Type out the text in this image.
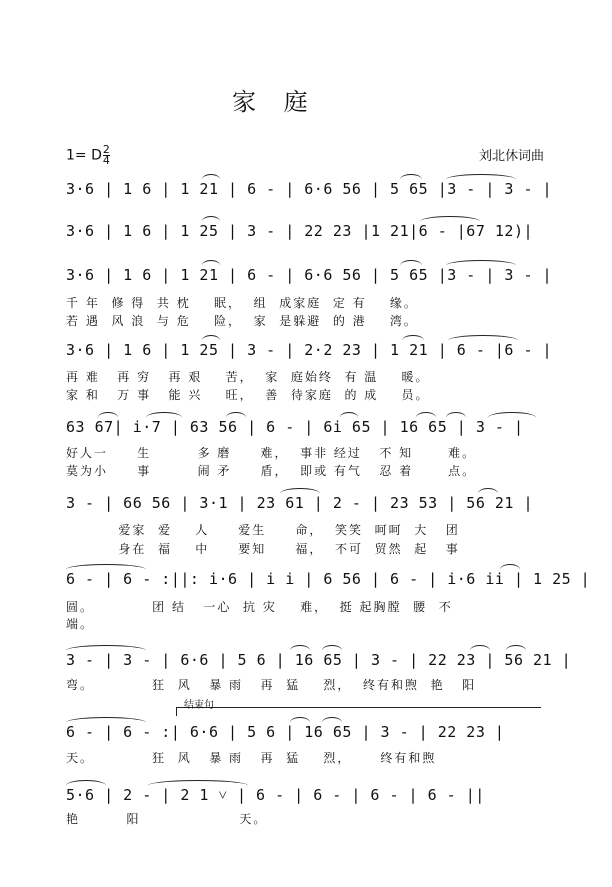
家 庭
$1= D\frac{2}{4}$	刘北休词曲
3·6 | 1 6 | 1 21 | 6 - | 6·6 56 | 5 65 |3 - | 3 - |
3·6 | 1 6 | 1 25 | 3 - | 22 23 |1 21|6 - |67 12)|
3·6 | 1 6 | 1 21 | 6 - | 6·6 56 | 5 65 |3 - | 3 - |
3·6 | 1 6 | 1 25 | 3 - | 2·2 23 | 1 21 | 6 - |6 - |
63 67| i·7 | 63 56 | 6 - | 6i 65 | 16 65 | 3 - |
3 - | 66 56 | 3·1 | 23 61 | 2 - | 23 53 | 56 21 |
6 - | 6 - :||: i·6 | i i | 6 56 | 6 - | i·6 ii | 1 25 |
3 - | 3 - | 6·6 | 5 6 | 16 65 | 3 - | 22 23 | 56 21 |
6 - | 6 - :| 6·6 | 5 6 | 16 65 | 3 - | 22 23 |
5·6 | 2 - | 2 1 ˅ | 6 - | 6 - | 6 - | 6 - ||
千 年  修 得  共 枕    眠，  组  成家庭  定 有    缘。
若 遇  风 浪  与 危    险，  家  是躲避  的 港    湾。
再 难   再 穷   再 艰    苦，  家  庭始终  有 温    暖。
家 和   万 事   能 兴    旺，  善  待家庭  的 成    员。
好人一     生        多 磨     难，  事非 经过   不 知      难。
莫为小     事        闹 矛     盾，  即或 有气   忍 着      点。
爱家  爱    人     爱生     命，  笑笑  呵呵  大   团
身在  福    中     要知     福，  不可  贸然  起   事
圆。          团 结   一心  抗 灾    难，  挺 起胸膛  腰  不
端。
弯。          狂  风   暴 雨   再  猛    烈，  终有和煦  艳   阳
天。          狂  风   暴 雨   再  猛    烈，     终有和煦
艳        阳                 天。
结束句
